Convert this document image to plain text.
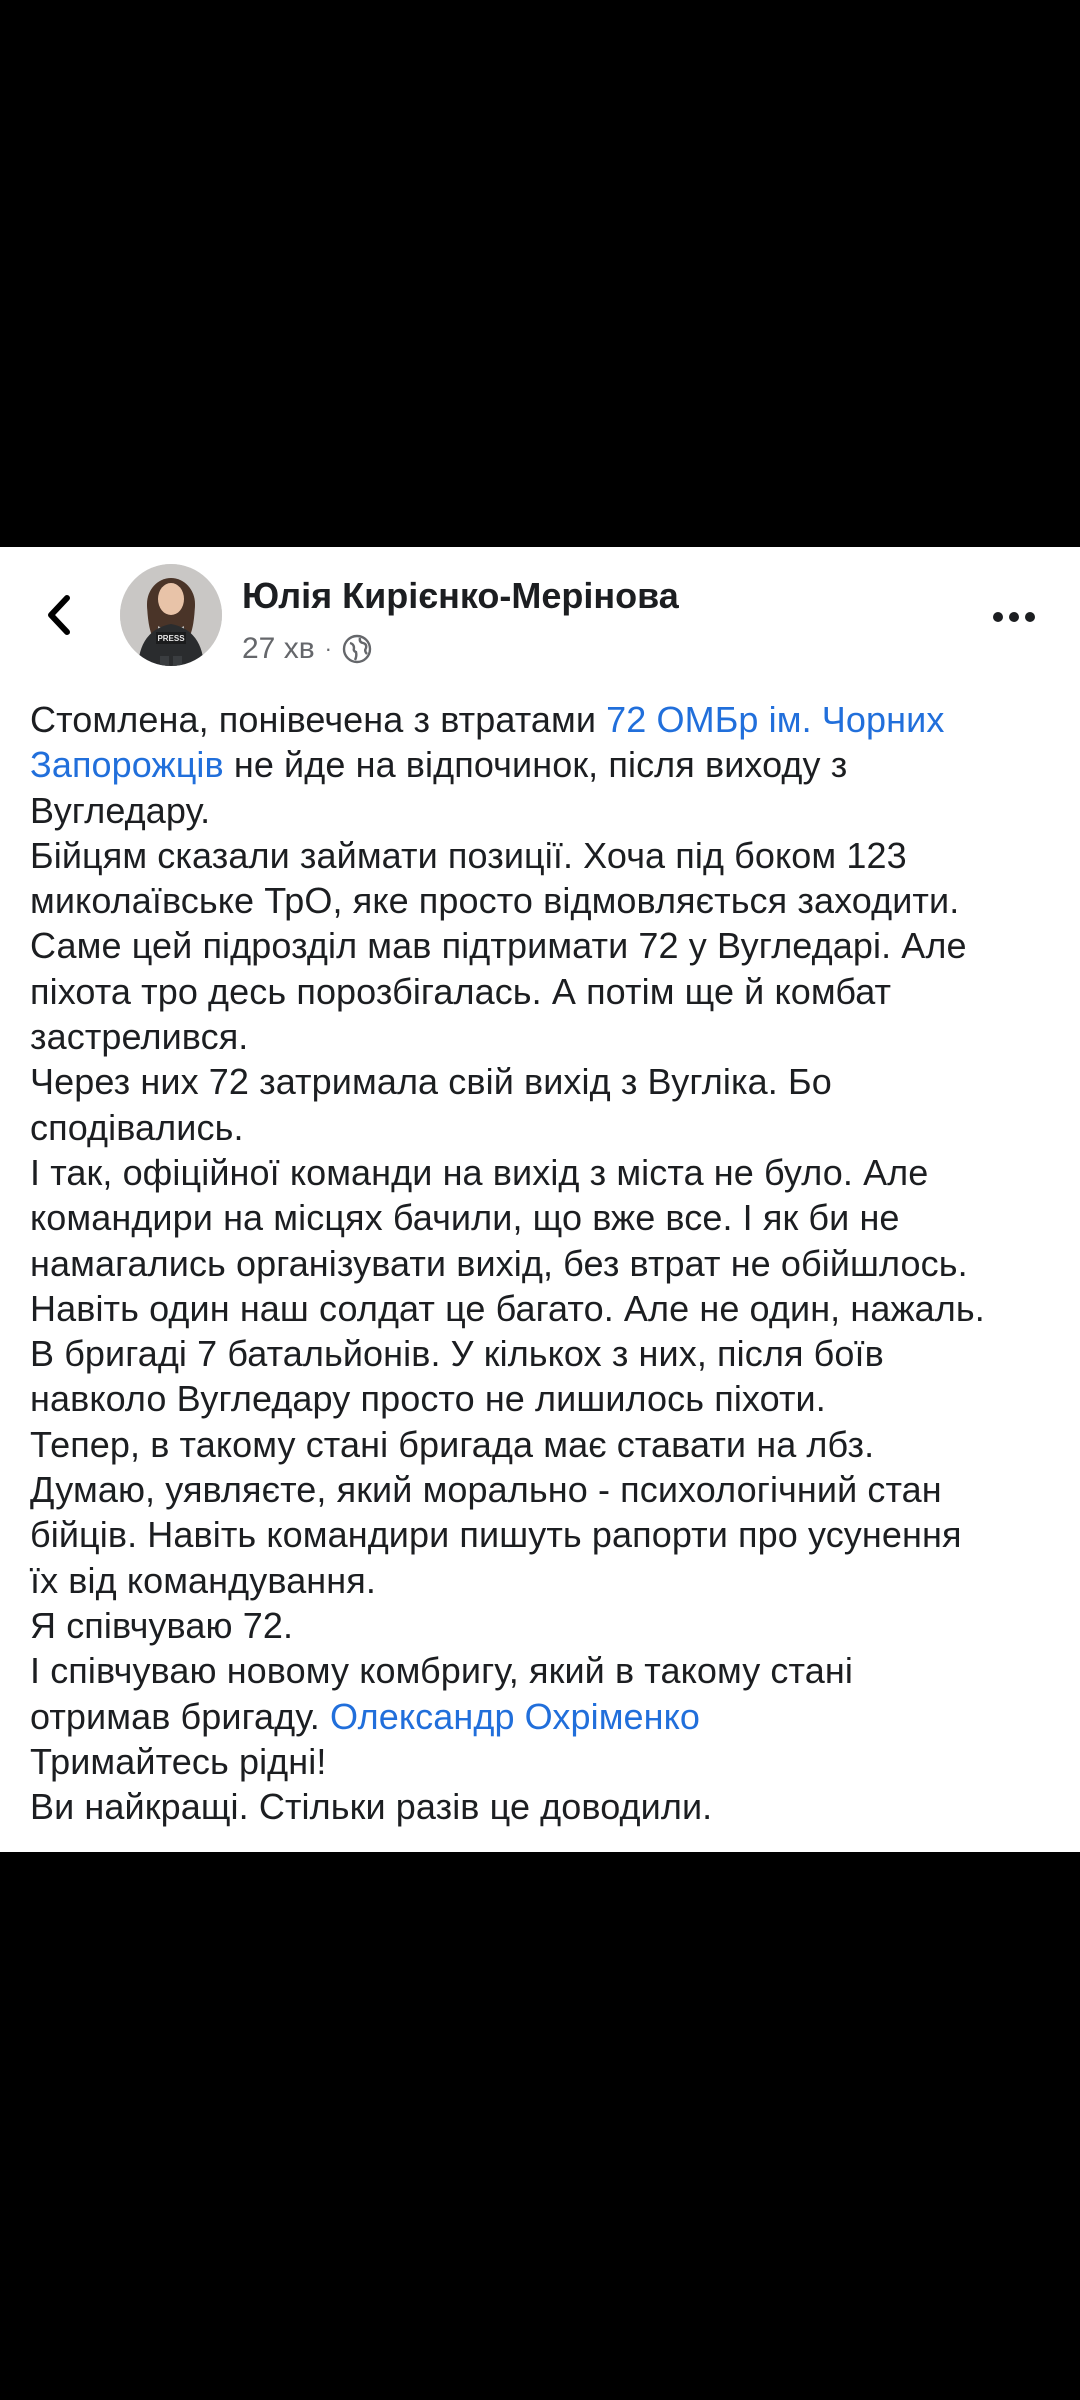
PRESS
Юлія Кирієнко-Мерінова
27 хв ·
Стомлена, понівечена з втратами 72 ОМБр ім. Чорних
Запорожців не йде на відпочинок, після виходу з
Вугледару.
Бійцям сказали займати позиції. Хоча під боком 123
миколаївське ТрО, яке просто відмовляється заходити.
Саме цей підрозділ мав підтримати 72 у Вугледарі. Але
піхота тро десь порозбігалась. А потім ще й комбат
застрелився.
Через них 72 затримала свій вихід з Вугліка. Бо
сподівались.
І так, офіційної команди на вихід з міста не було. Але
командири на місцях бачили, що вже все. І як би не
намагались організувати вихід, без втрат не обійшлось.
Навіть один наш солдат це багато. Але не один, нажаль.
В бригаді 7 батальйонів. У кількох з них, після боїв
навколо Вугледару просто не лишилось піхоти.
Тепер, в такому стані бригада має ставати на лбз.
Думаю, уявляєте, який морально - психологічний стан
бійців. Навіть командири пишуть рапорти про усунення
їх від командування.
Я співчуваю 72.
І співчуваю новому комбригу, який в такому стані
отримав бригаду. Олександр Охріменко
Тримайтесь рідні!
Ви найкращі. Стільки разів це доводили.
